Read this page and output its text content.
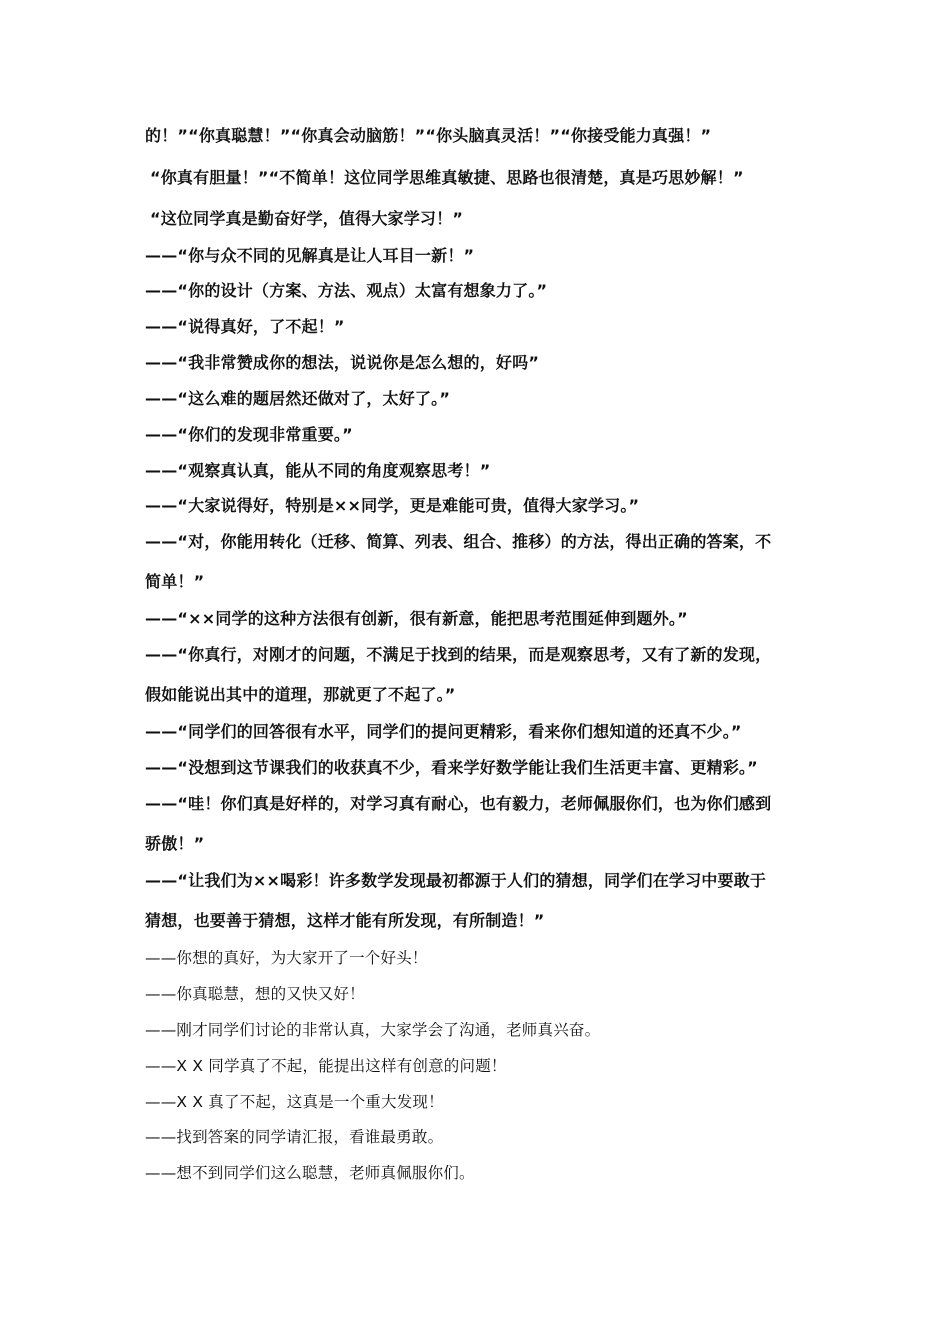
的！”“你真聪慧！”“你真会动脑筋！”“你头脑真灵活！”“你接受能力真强！”
“你真有胆量！”“不简单！这位同学思维真敏捷、思路也很清楚，真是巧思妙解！”
“这位同学真是勤奋好学，值得大家学习！”
——“你与众不同的见解真是让人耳目一新！”
——“你的设计（方案、方法、观点）太富有想象力了。”
——“说得真好，了不起！”
——“我非常赞成你的想法，说说你是怎么想的，好吗”
——“这么难的题居然还做对了，太好了。”
——“你们的发现非常重要。”
——“观察真认真，能从不同的角度观察思考！”
——“大家说得好，特别是××同学，更是难能可贵，值得大家学习。”
——“对，你能用转化（迁移、简算、列表、组合、推移）的方法，得出正确的答案，不
简单！”
——“××同学的这种方法很有创新，很有新意，能把思考范围延伸到题外。”
——“你真行，对刚才的问题，不满足于找到的结果，而是观察思考，又有了新的发现，
假如能说出其中的道理，那就更了不起了。”
——“同学们的回答很有水平，同学们的提问更精彩，看来你们想知道的还真不少。”
——“没想到这节课我们的收获真不少，看来学好数学能让我们生活更丰富、更精彩。”
——“哇！你们真是好样的，对学习真有耐心，也有毅力，老师佩服你们，也为你们感到
骄傲！”
——“让我们为××喝彩！许多数学发现最初都源于人们的猜想，同学们在学习中要敢于
猜想，也要善于猜想，这样才能有所发现，有所制造！”
——你想的真好，为大家开了一个好头！
——你真聪慧，想的又快又好！
——刚才同学们讨论的非常认真，大家学会了沟通，老师真兴奋。
——X X 同学真了不起，能提出这样有创意的问题！
——X X 真了不起，这真是一个重大发现！
——找到答案的同学请汇报，看谁最勇敢。
——想不到同学们这么聪慧，老师真佩服你们。
